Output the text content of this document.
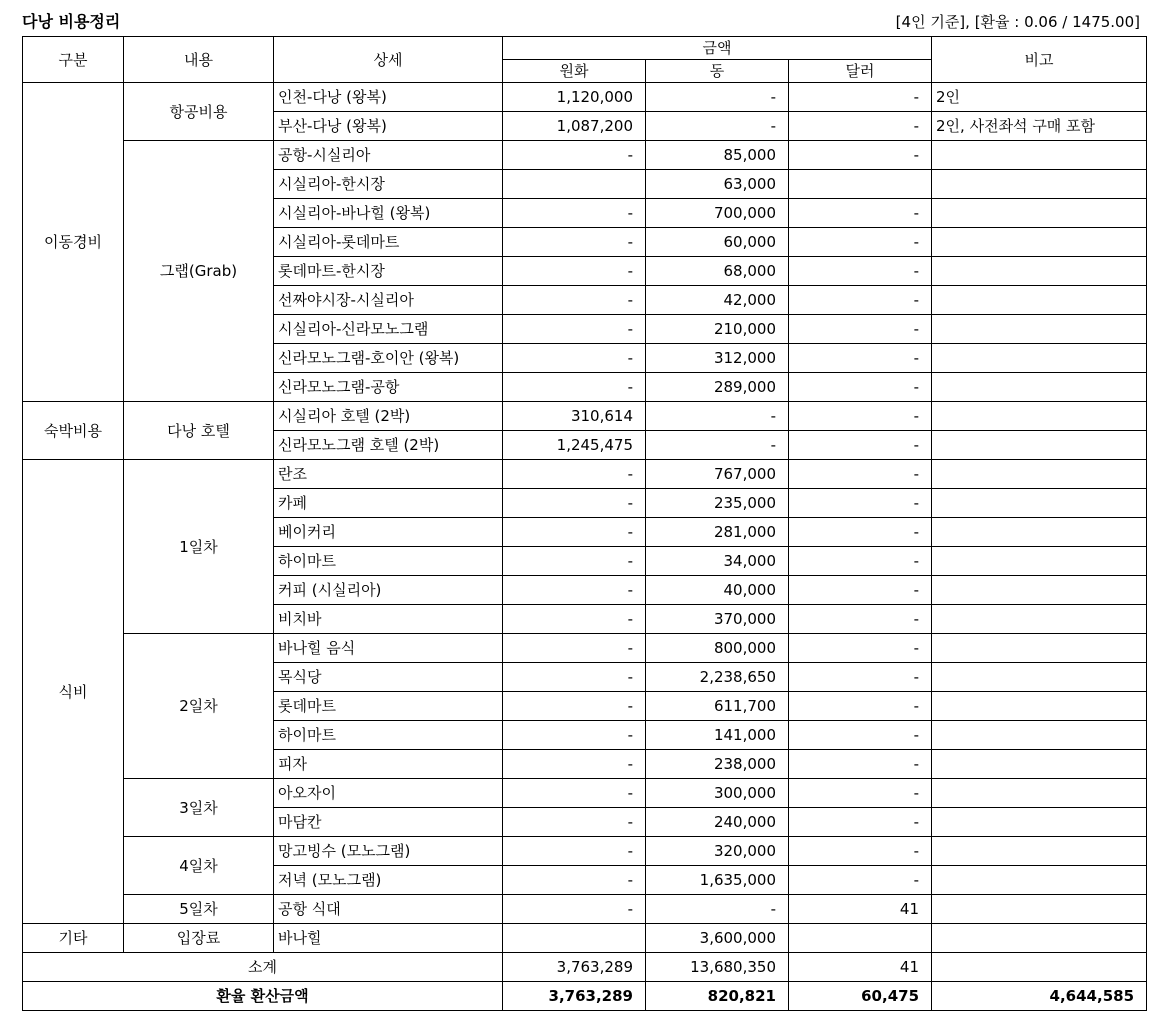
다낭 비용정리	[4인 기준], [환율 : 0.06 / 1475.00]
구분	내용	상세	금액			비고
			원화	동	달러	
이동경비	항공비용	인천-다낭 (왕복)	1,120,000	-	-	2인
		부산-다낭 (왕복)	1,087,200	-	-	2인, 사전좌석 구매 포함
	그랩(Grab)	공항-시실리아	-	85,000	-	
		시실리아-한시장		63,000		
		시실리아-바나힐 (왕복)	-	700,000	-	
		시실리아-롯데마트	-	60,000	-	
		롯데마트-한시장	-	68,000	-	
		선짜야시장-시실리아	-	42,000	-	
		시실리아-신라모노그램	-	210,000	-	
		신라모노그램-호이안 (왕복)	-	312,000	-	
		신라모노그램-공항	-	289,000	-	
숙박비용	다낭 호텔	시실리아 호텔 (2박)	310,614	-	-	
		신라모노그램 호텔 (2박)	1,245,475	-	-	
식비	1일차	란조	-	767,000	-	
		카페	-	235,000	-	
		베이커리	-	281,000	-	
		하이마트	-	34,000	-	
		커피 (시실리아)	-	40,000	-	
		비치바	-	370,000	-	
	2일차	바나힐 음식	-	800,000	-	
		목식당	-	2,238,650	-	
		롯데마트	-	611,700	-	
		하이마트	-	141,000	-	
		피자	-	238,000	-	
	3일차	아오자이	-	300,000	-	
		마담칸	-	240,000	-	
	4일차	망고빙수 (모노그램)	-	320,000	-	
		저녁 (모노그램)	-	1,635,000	-	
	5일차	공항 식대	-	-	41	
기타	입장료	바나힐		3,600,000		
소계			3,763,289	13,680,350	41	
환율 환산금액			3,763,289	820,821	60,475	4,644,585
